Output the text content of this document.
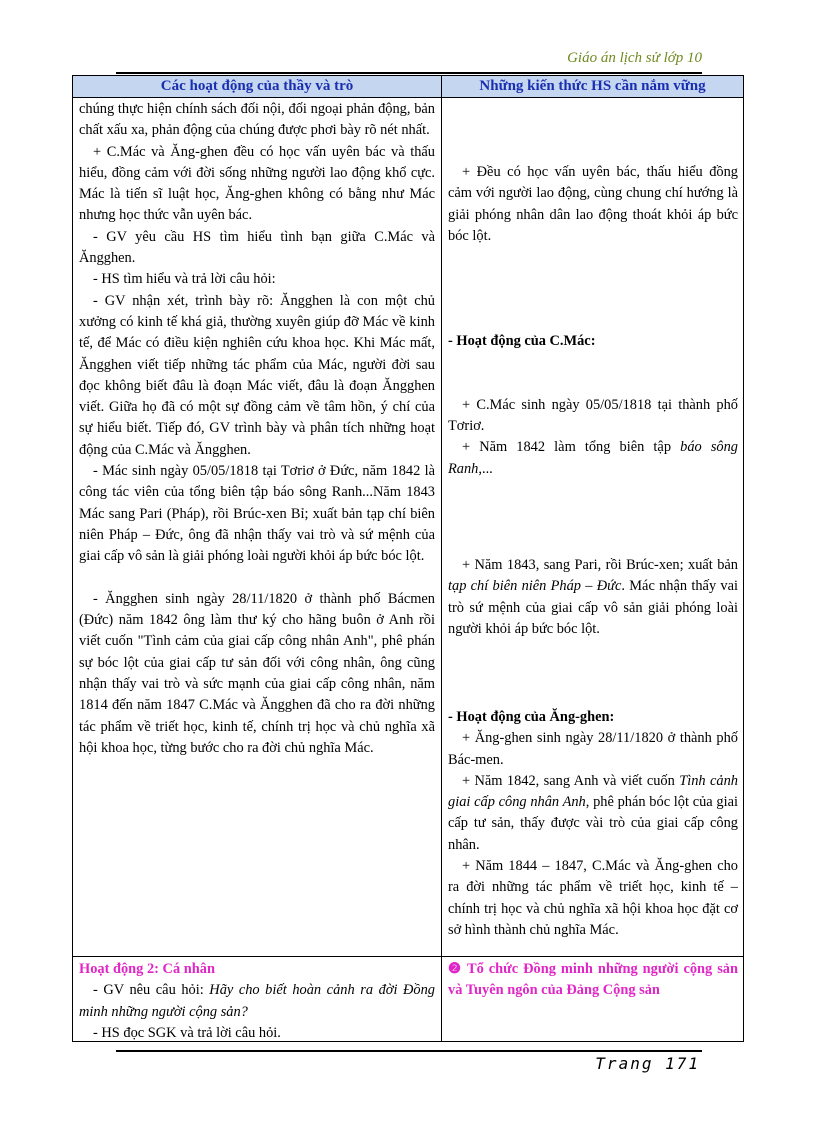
Giáo án lịch sử lớp 10
Các hoạt động của thầy và trò	Những kiến thức HS cần nắm vững

chúng thực hiện chính sách đối nội, đối ngoại phản động, bản chất xấu xa, phản động của chúng được phơi bày rõ nét nhất.

+ C.Mác và Ăng-ghen đều có học vấn uyên bác và thấu hiểu, đồng cảm với đời sống những người lao động khổ cực. Mác là tiến sĩ luật học, Ăng-ghen không có bằng như Mác nhưng học thức vẫn uyên bác.

- GV yêu cầu HS tìm hiểu tình bạn giữa C.Mác và Ăngghen.

- HS tìm hiểu và trả lời câu hỏi:

- GV nhận xét, trình bày rõ: Ăngghen là con một chủ xưởng có kinh tế khá giả, thường xuyên giúp đỡ Mác về kinh tế, để Mác có điều kiện nghiên cứu khoa học. Khi Mác mất, Ăngghen viết tiếp những tác phẩm của Mác, người đời sau đọc không biết đâu là đoạn Mác viết, đâu là đoạn Ăngghen viết. Giữa họ đã có một sự đồng cảm về tâm hồn, ý chí của sự hiểu biết. Tiếp đó, GV trình bày và phân tích những hoạt động của C.Mác và Ăngghen.

- Mác sinh ngày 05/05/1818 tại Tơriơ ở Đức, năm 1842 là công tác viên của tổng biên tập báo sông Ranh...Năm 1843 Mác sang Pari (Pháp), rồi Brúc-xen Bỉ; xuất bản tạp chí biên niên Pháp – Đức, ông đã nhận thấy vai trò và sứ mệnh của giai cấp vô sản là giải phóng loài người khỏi áp bức bóc lột.

- Ăngghen sinh ngày 28/11/1820 ở thành phố Bácmen (Đức) năm 1842 ông làm thư ký cho hãng buôn ở Anh rồi viết cuốn "Tình cảm của giai cấp công nhân Anh", phê phán sự bóc lột của giai cấp tư sản đối với công nhân, ông cũng nhận thấy vai trò và sức mạnh của giai cấp công nhân, năm 1814 đến năm 1847 C.Mác và Ăngghen đã cho ra đời những tác phẩm về triết học, kinh tế, chính trị học và chủ nghĩa xã hội khoa học, từng bước cho ra đời chủ nghĩa Mác.

Hoạt động 2: Cá nhân

- GV nêu câu hỏi: Hãy cho biết hoàn cảnh ra đời Đồng minh những người cộng sản?

- HS đọc SGK và trả lời câu hỏi.

+ Đều có học vấn uyên bác, thấu hiểu đồng cảm với người lao động, cùng chung chí hướng là giải phóng nhân dân lao động thoát khỏi áp bức bóc lột.

- Hoạt động của C.Mác:

+ C.Mác sinh ngày 05/05/1818 tại thành phố Tơriơ.

+ Năm 1842 làm tổng biên tập báo sông Ranh,...

+ Năm 1843, sang Pari, rồi Brúc-xen; xuất bản tạp chí biên niên Pháp – Đức. Mác nhận thấy vai trò sứ mệnh của giai cấp vô sản giải phóng loài người khỏi áp bức bóc lột.

- Hoạt động của Ăng-ghen:

+ Ăng-ghen sinh ngày 28/11/1820 ở thành phố Bác-men.

+ Năm 1842, sang Anh và viết cuốn Tình cảnh giai cấp công nhân Anh, phê phán bóc lột của giai cấp tư sản, thấy được vài trò của giai cấp công nhân.

+ Năm 1844 – 1847, C.Mác và Ăng-ghen cho ra đời những tác phẩm về triết học, kinh tế – chính trị học và chủ nghĩa xã hội khoa học đặt cơ sở hình thành chủ nghĩa Mác.

❷ Tổ chức Đồng minh những người cộng sản và Tuyên ngôn của Đảng Cộng sản

Trang 171
